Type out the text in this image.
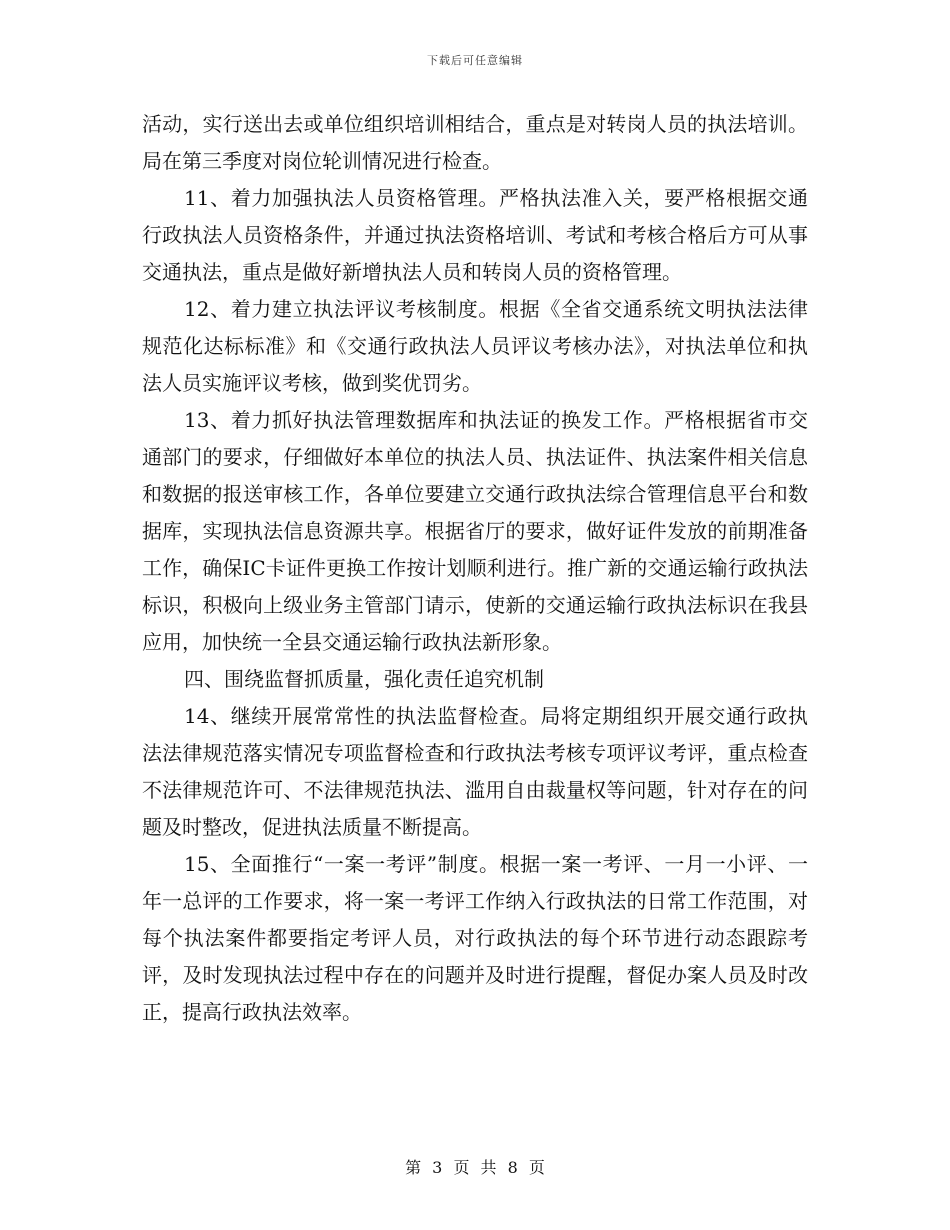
下载后可任意编辑

活动，实行送出去或单位组织培训相结合，重点是对转岗人员的执法培训。局在第三季度对岗位轮训情况进行检查。

11、着力加强执法人员资格管理。严格执法准入关，要严格根据交通行政执法人员资格条件，并通过执法资格培训、考试和考核合格后方可从事交通执法，重点是做好新增执法人员和转岗人员的资格管理。

12、着力建立执法评议考核制度。根据《全省交通系统文明执法法律规范化达标标准》和《交通行政执法人员评议考核办法》，对执法单位和执法人员实施评议考核，做到奖优罚劣。

13、着力抓好执法管理数据库和执法证的换发工作。严格根据省市交通部门的要求，仔细做好本单位的执法人员、执法证件、执法案件相关信息和数据的报送审核工作，各单位要建立交通行政执法综合管理信息平台和数据库，实现执法信息资源共享。根据省厅的要求，做好证件发放的前期准备工作，确保IC卡证件更换工作按计划顺利进行。推广新的交通运输行政执法标识，积极向上级业务主管部门请示，使新的交通运输行政执法标识在我县应用，加快统一全县交通运输行政执法新形象。

四、围绕监督抓质量，强化责任追究机制

14、继续开展常常性的执法监督检查。局将定期组织开展交通行政执法法律规范落实情况专项监督检查和行政执法考核专项评议考评，重点检查不法律规范许可、不法律规范执法、滥用自由裁量权等问题，针对存在的问题及时整改，促进执法质量不断提高。

15、全面推行“一案一考评”制度。根据一案一考评、一月一小评、一年一总评的工作要求，将一案一考评工作纳入行政执法的日常工作范围，对每个执法案件都要指定考评人员，对行政执法的每个环节进行动态跟踪考评，及时发现执法过程中存在的问题并及时进行提醒，督促办案人员及时改正，提高行政执法效率。

第 3 页 共 8 页
